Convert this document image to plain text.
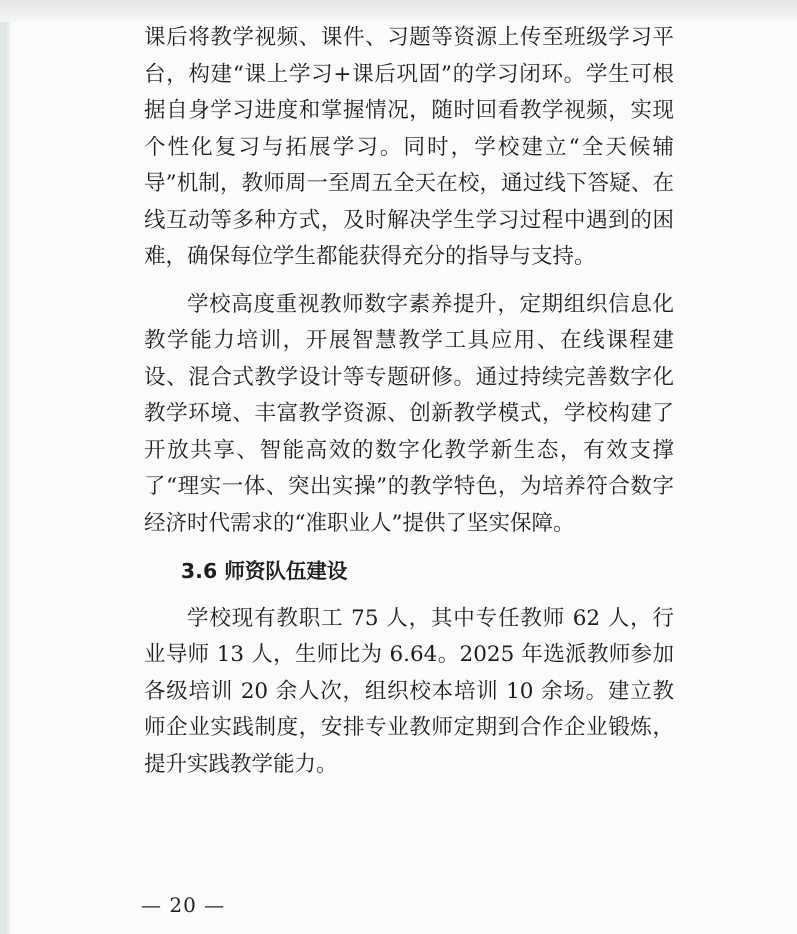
课后将教学视频、课件、习题等资源上传至班级学习平台，构建“课上学习+课后巩固”的学习闭环。学生可根据自身学习进度和掌握情况，随时回看教学视频，实现个性化复习与拓展学习。同时，学校建立“全天候辅导”机制，教师周一至周五全天在校，通过线下答疑、在线互动等多种方式，及时解决学生学习过程中遇到的困难，确保每位学生都能获得充分的指导与支持。

学校高度重视教师数字素养提升，定期组织信息化教学能力培训，开展智慧教学工具应用、在线课程建设、混合式教学设计等专题研修。通过持续完善数字化教学环境、丰富教学资源、创新教学模式，学校构建了开放共享、智能高效的数字化教学新生态，有效支撑了“理实一体、突出实操”的教学特色，为培养符合数字经济时代需求的“准职业人”提供了坚实保障。

3.6 师资队伍建设

学校现有教职工 75 人，其中专任教师 62 人，行业导师 13 人，生师比为 6.64。2025 年选派教师参加各级培训 20 余人次，组织校本培训 10 余场。建立教师企业实践制度，安排专业教师定期到合作企业锻炼，提升实践教学能力。

— 20 —
